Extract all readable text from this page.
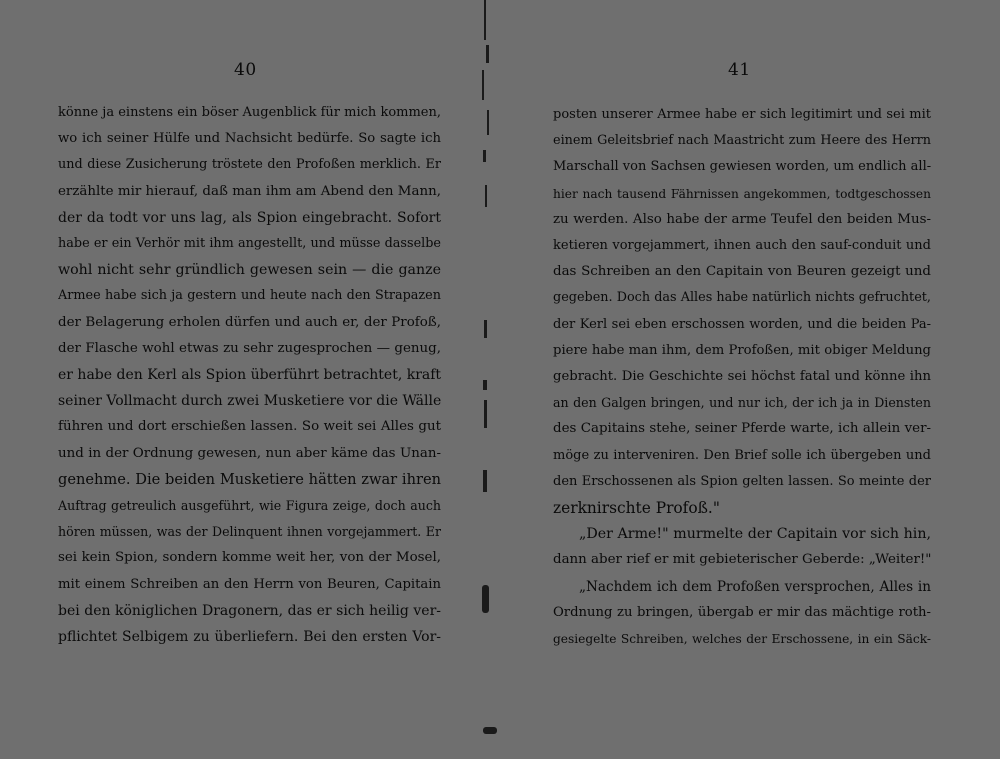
40
könne ja einstens ein böser Augenblick für mich kommen,
wo ich seiner Hülfe und Nachsicht bedürfe. So sagte ich
und diese Zusicherung tröstete den Profoßen merklich. Er
erzählte mir hierauf, daß man ihm am Abend den Mann,
der da todt vor uns lag, als Spion eingebracht. Sofort
habe er ein Verhör mit ihm angestellt, und müsse dasselbe
wohl nicht sehr gründlich gewesen sein — die ganze
Armee habe sich ja gestern und heute nach den Strapazen
der Belagerung erholen dürfen und auch er, der Profoß,
der Flasche wohl etwas zu sehr zugesprochen — genug,
er habe den Kerl als Spion überführt betrachtet, kraft
seiner Vollmacht durch zwei Musketiere vor die Wälle
führen und dort erschießen lassen. So weit sei Alles gut
und in der Ordnung gewesen, nun aber käme das Unan-
genehme. Die beiden Musketiere hätten zwar ihren
Auftrag getreulich ausgeführt, wie Figura zeige, doch auch
hören müssen, was der Delinquent ihnen vorgejammert. Er
sei kein Spion, sondern komme weit her, von der Mosel,
mit einem Schreiben an den Herrn von Beuren, Capitain
bei den königlichen Dragonern, das er sich heilig ver-
pflichtet Selbigem zu überliefern. Bei den ersten Vor-
41
posten unserer Armee habe er sich legitimirt und sei mit
einem Geleitsbrief nach Maastricht zum Heere des Herrn
Marschall von Sachsen gewiesen worden, um endlich all-
hier nach tausend Fährnissen angekommen, todtgeschossen
zu werden. Also habe der arme Teufel den beiden Mus-
ketieren vorgejammert, ihnen auch den sauf-conduit und
das Schreiben an den Capitain von Beuren gezeigt und
gegeben. Doch das Alles habe natürlich nichts gefruchtet,
der Kerl sei eben erschossen worden, und die beiden Pa-
piere habe man ihm, dem Profoßen, mit obiger Meldung
gebracht. Die Geschichte sei höchst fatal und könne ihn
an den Galgen bringen, und nur ich, der ich ja in Diensten
des Capitains stehe, seiner Pferde warte, ich allein ver-
möge zu interveniren. Den Brief solle ich übergeben und
den Erschossenen als Spion gelten lassen. So meinte der
zerknirschte Profoß."
„Der Arme!" murmelte der Capitain vor sich hin,
dann aber rief er mit gebieterischer Geberde: „Weiter!"
„Nachdem ich dem Profoßen versprochen, Alles in
Ordnung zu bringen, übergab er mir das mächtige roth-
gesiegelte Schreiben, welches der Erschossene, in ein Säck-
